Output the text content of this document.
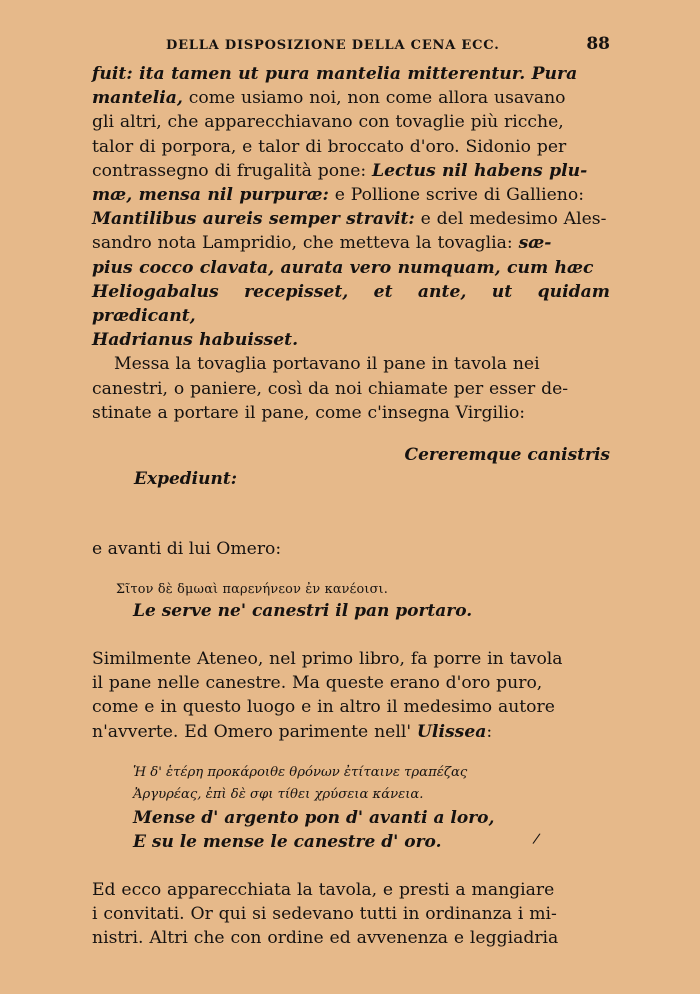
DELLA DISPOSIZIONE DELLA CENA ECC.	88

fuit: ita tamen ut pura mantelia mitterentur. Pura

mantelia, come usiamo noi, non come allora usavano

gli altri, che apparecchiavano con tovaglie più ricche,

talor di porpora, e talor di broccato d'oro. Sidonio per

contrassegno di frugalità pone: Lectus nil habens plu-

mæ, mensa nil purpuræ: e Pollione scrive di Gallieno:

Mantilibus aureis semper stravit: e del medesimo Ales-

sandro nota Lampridio, che metteva la tovaglia: sæ-

pius cocco clavata, aurata vero numquam, cum hæc

Heliogabalus recepisset, et ante, ut quidam prædicant,

Hadrianus habuisset.

Messa la tovaglia portavano il pane in tavola nei

canestri, o paniere, così da noi chiamate per esser de-

stinate a portare il pane, come c'insegna Virgilio:

Cereremque canistris
Expediunt:

e avanti di lui Omero:

Σῖτον δὲ δμωαὶ παρενήνεον ἐν κανέοισι.
Le serve ne' canestri il pan portaro.

Similmente Ateneo, nel primo libro, fa porre in tavola

il pane nelle canestre. Ma queste erano d'oro puro,

come e in questo luogo e in altro il medesimo autore

n'avverte. Ed Omero parimente nell' Ulissea:

Ἡ δ' ἑτέρη προκάροιθε θρόνων ἐτίταινε τραπέζας
Ἀργυρέας, ἐπὶ δὲ σφι τίθει χρύσεια κάνεια.
Mense d' argento pon d' avanti a loro,
E su le mense le canestre d' oro.

Ed ecco apparecchiata la tavola, e presti a mangiare

i convitati. Or qui si sedevano tutti in ordinanza i mi-

nistri. Altri che con ordine ed avvenenza e leggiadria

/
